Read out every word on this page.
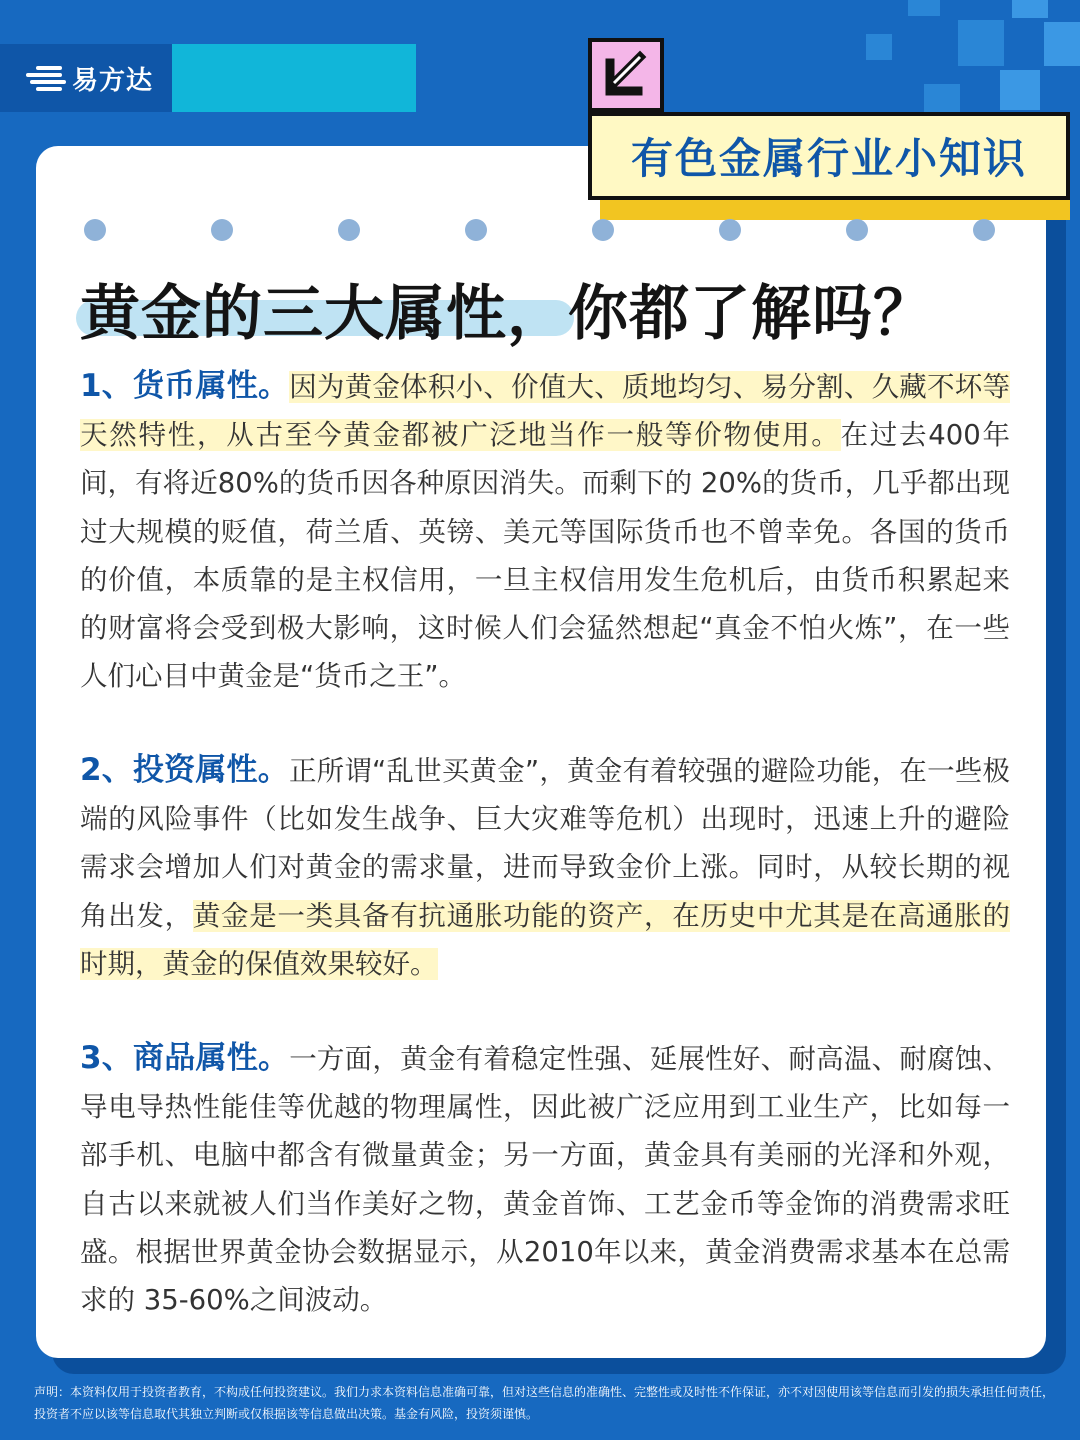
易方达
有色金属行业小知识
黄金的三大属性，你都了解吗？
1、货币属性。因为黄金体积小、价值大、质地均匀、易分割、久藏不坏等天然特性，从古至今黄金都被广泛地当作一般等价物使用。在过去400年间，有将近80%的货币因各种原因消失。而剩下的 20%的货币，几乎都出现过大规模的贬值，荷兰盾、英镑、美元等国际货币也不曾幸免。各国的货币的价值，本质靠的是主权信用，一旦主权信用发生危机后，由货币积累起来的财富将会受到极大影响，这时候人们会猛然想起“真金不怕火炼”，在一些人们心目中黄金是“货币之王”。
2、投资属性。正所谓“乱世买黄金”，黄金有着较强的避险功能，在一些极端的风险事件（比如发生战争、巨大灾难等危机）出现时，迅速上升的避险需求会增加人们对黄金的需求量，进而导致金价上涨。同时，从较长期的视角出发，黄金是一类具备有抗通胀功能的资产，在历史中尤其是在高通胀的时期，黄金的保值效果较好。
3、商品属性。一方面，黄金有着稳定性强、延展性好、耐高温、耐腐蚀、导电导热性能佳等优越的物理属性，因此被广泛应用到工业生产，比如每一部手机、电脑中都含有微量黄金；另一方面，黄金具有美丽的光泽和外观，自古以来就被人们当作美好之物，黄金首饰、工艺金币等金饰的消费需求旺盛。根据世界黄金协会数据显示，从2010年以来，黄金消费需求基本在总需求的 35-60%之间波动。
声明：本资料仅用于投资者教育，不构成任何投资建议。我们力求本资料信息准确可靠，但对这些信息的准确性、完整性或及时性不作保证，亦不对因使用该等信息而引发的损失承担任何责任，投资者不应以该等信息取代其独立判断或仅根据该等信息做出决策。基金有风险，投资须谨慎。
